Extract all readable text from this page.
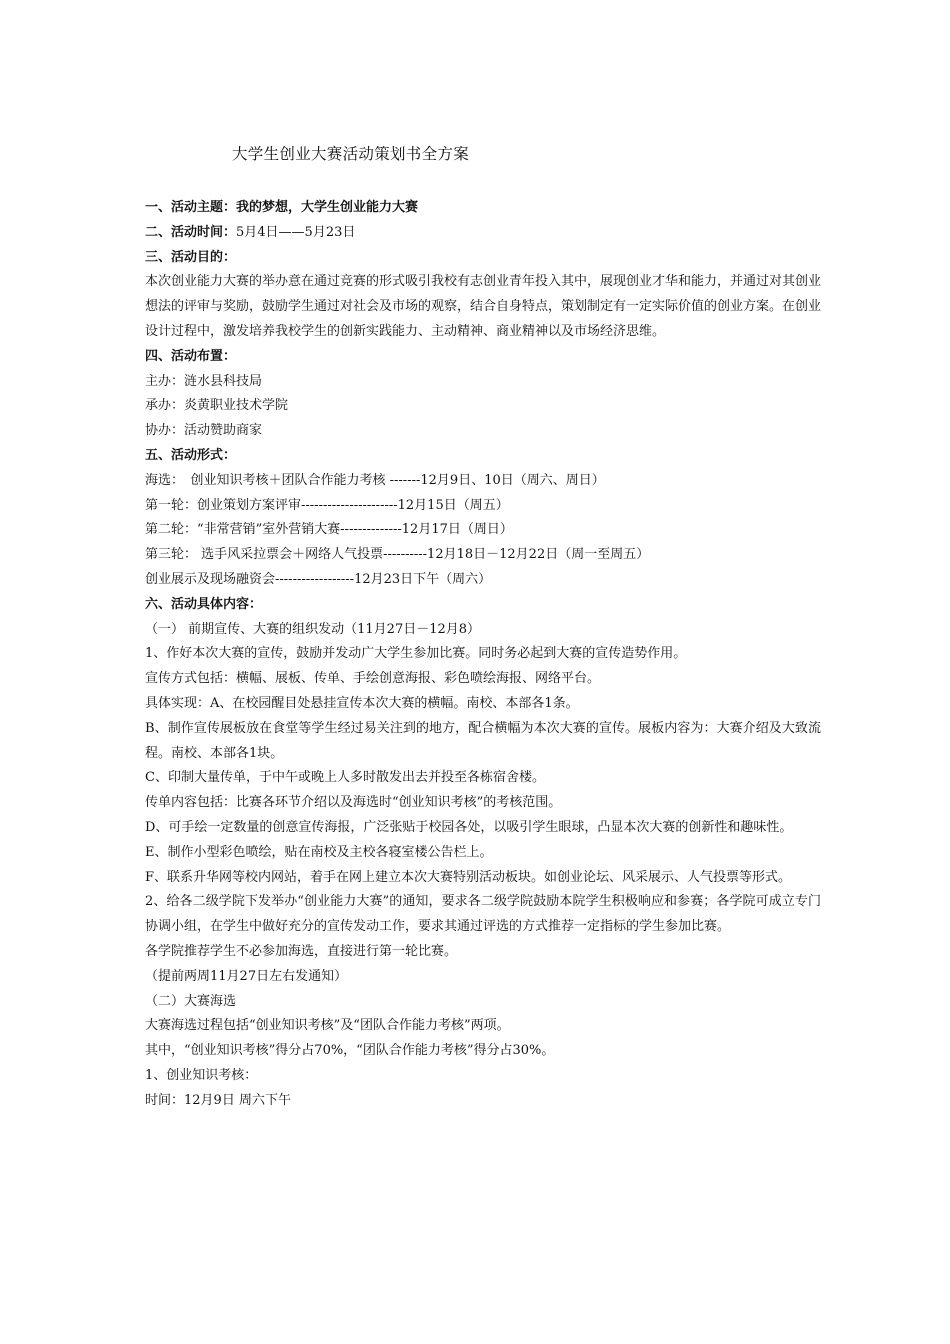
大学生创业大赛活动策划书全方案

一、活动主题：我的梦想，大学生创业能力大赛

二、活动时间：5月4日——5月23日

三、活动目的：

本次创业能力大赛的举办意在通过竞赛的形式吸引我校有志创业青年投入其中，展现创业才华和能力，并通过对其创业想法的评审与奖励，鼓励学生通过对社会及市场的观察，结合自身特点，策划制定有一定实际价值的创业方案。在创业设计过程中，激发培养我校学生的创新实践能力、主动精神、商业精神以及市场经济思维。

四、活动布置：

主办：涟水县科技局

承办：炎黄职业技术学院

协办：活动赞助商家

五、活动形式：

海选：　创业知识考核＋团队合作能力考核 -------12月9日、10日（周六、周日）

第一轮：创业策划方案评审----------------------12月15日（周五）

第二轮：“非常营销”室外营销大赛--------------12月17日（周日）

第三轮： 选手风采拉票会＋网络人气投票----------12月18日－12月22日（周一至周五）

创业展示及现场融资会------------------12月23日下午（周六）

六、活动具体内容：

（一） 前期宣传、大赛的组织发动（11月27日－12月8）

1、作好本次大赛的宣传，鼓励并发动广大学生参加比赛。同时务必起到大赛的宣传造势作用。

宣传方式包括：横幅、展板、传单、手绘创意海报、彩色喷绘海报、网络平台。

具体实现：A、在校园醒目处悬挂宣传本次大赛的横幅。南校、本部各1条。

B、制作宣传展板放在食堂等学生经过易关注到的地方，配合横幅为本次大赛的宣传。展板内容为：大赛介绍及大致流程。南校、本部各1块。

C、印制大量传单，于中午或晚上人多时散发出去并投至各栋宿舍楼。

传单内容包括：比赛各环节介绍以及海选时“创业知识考核”的考核范围。

D、可手绘一定数量的创意宣传海报，广泛张贴于校园各处，以吸引学生眼球，凸显本次大赛的创新性和趣味性。

E、制作小型彩色喷绘，贴在南校及主校各寝室楼公告栏上。

F、联系升华网等校内网站，着手在网上建立本次大赛特别活动板块。如创业论坛、风采展示、人气投票等形式。

2、给各二级学院下发举办“创业能力大赛”的通知，要求各二级学院鼓励本院学生积极响应和参赛；各学院可成立专门协调小组，在学生中做好充分的宣传发动工作，要求其通过评选的方式推荐一定指标的学生参加比赛。

各学院推荐学生不必参加海选，直接进行第一轮比赛。

（提前两周11月27日左右发通知）

（二）大赛海选

大赛海选过程包括“创业知识考核”及“团队合作能力考核”两项。

其中，“创业知识考核”得分占70%，“团队合作能力考核”得分占30%。

1、创业知识考核：

时间：12月9日 周六下午
